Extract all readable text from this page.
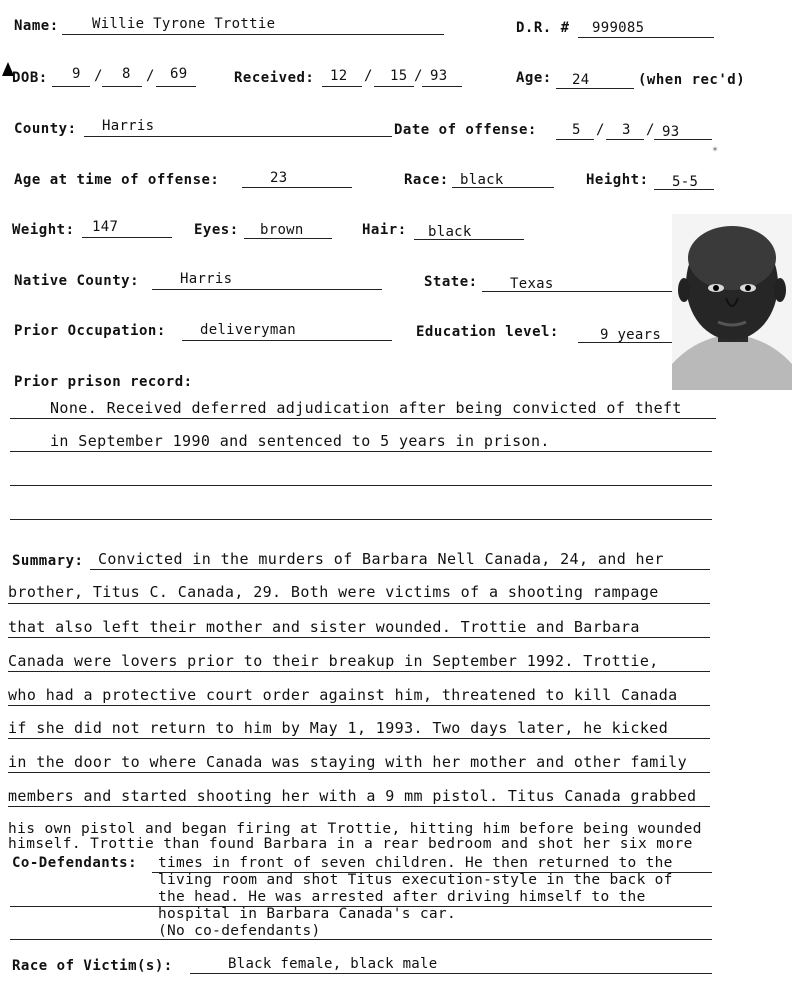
Name: Willie Tyrone Trottie	D.R. # 999085
DOB: 9 / 8 / 69	Received: 12 / 15 / 93	Age: 24	(when rec'd)
County: Harris	Date of offense:	5 / 3 / 93
✶
Age at time of offense:	23	Race: black	Height: 5-5
Weight: 147	Eyes: brown	Hair: black
Native County:	Harris	State: Texas
Prior Occupation: deliveryman	Education level:	9 years
Prior prison record:
None. Received deferred adjudication after being convicted of theft
in September 1990 and sentenced to 5 years in prison.
Summary: Convicted in the murders of Barbara Nell Canada, 24, and her
brother, Titus C. Canada, 29. Both were victims of a shooting rampage
that also left their mother and sister wounded. Trottie and Barbara
Canada were lovers prior to their breakup in September 1992. Trottie,
who had a protective court order against him, threatened to kill Canada
if she did not return to him by May 1, 1993. Two days later, he kicked
in the door to where Canada was staying with her mother and other family
members and started shooting her with a 9 mm pistol. Titus Canada grabbed
his own pistol and began firing at Trottie, hitting him before being wounded
himself. Trottie than found Barbara in a rear bedroom and shot her six more
Co-Defendants: times in front of seven children. He then returned to the
living room and shot Titus execution-style in the back of
the head. He was arrested after driving himself to the
hospital in Barbara Canada's car.
(No co-defendants)
Race of Victim(s):	Black female, black male
